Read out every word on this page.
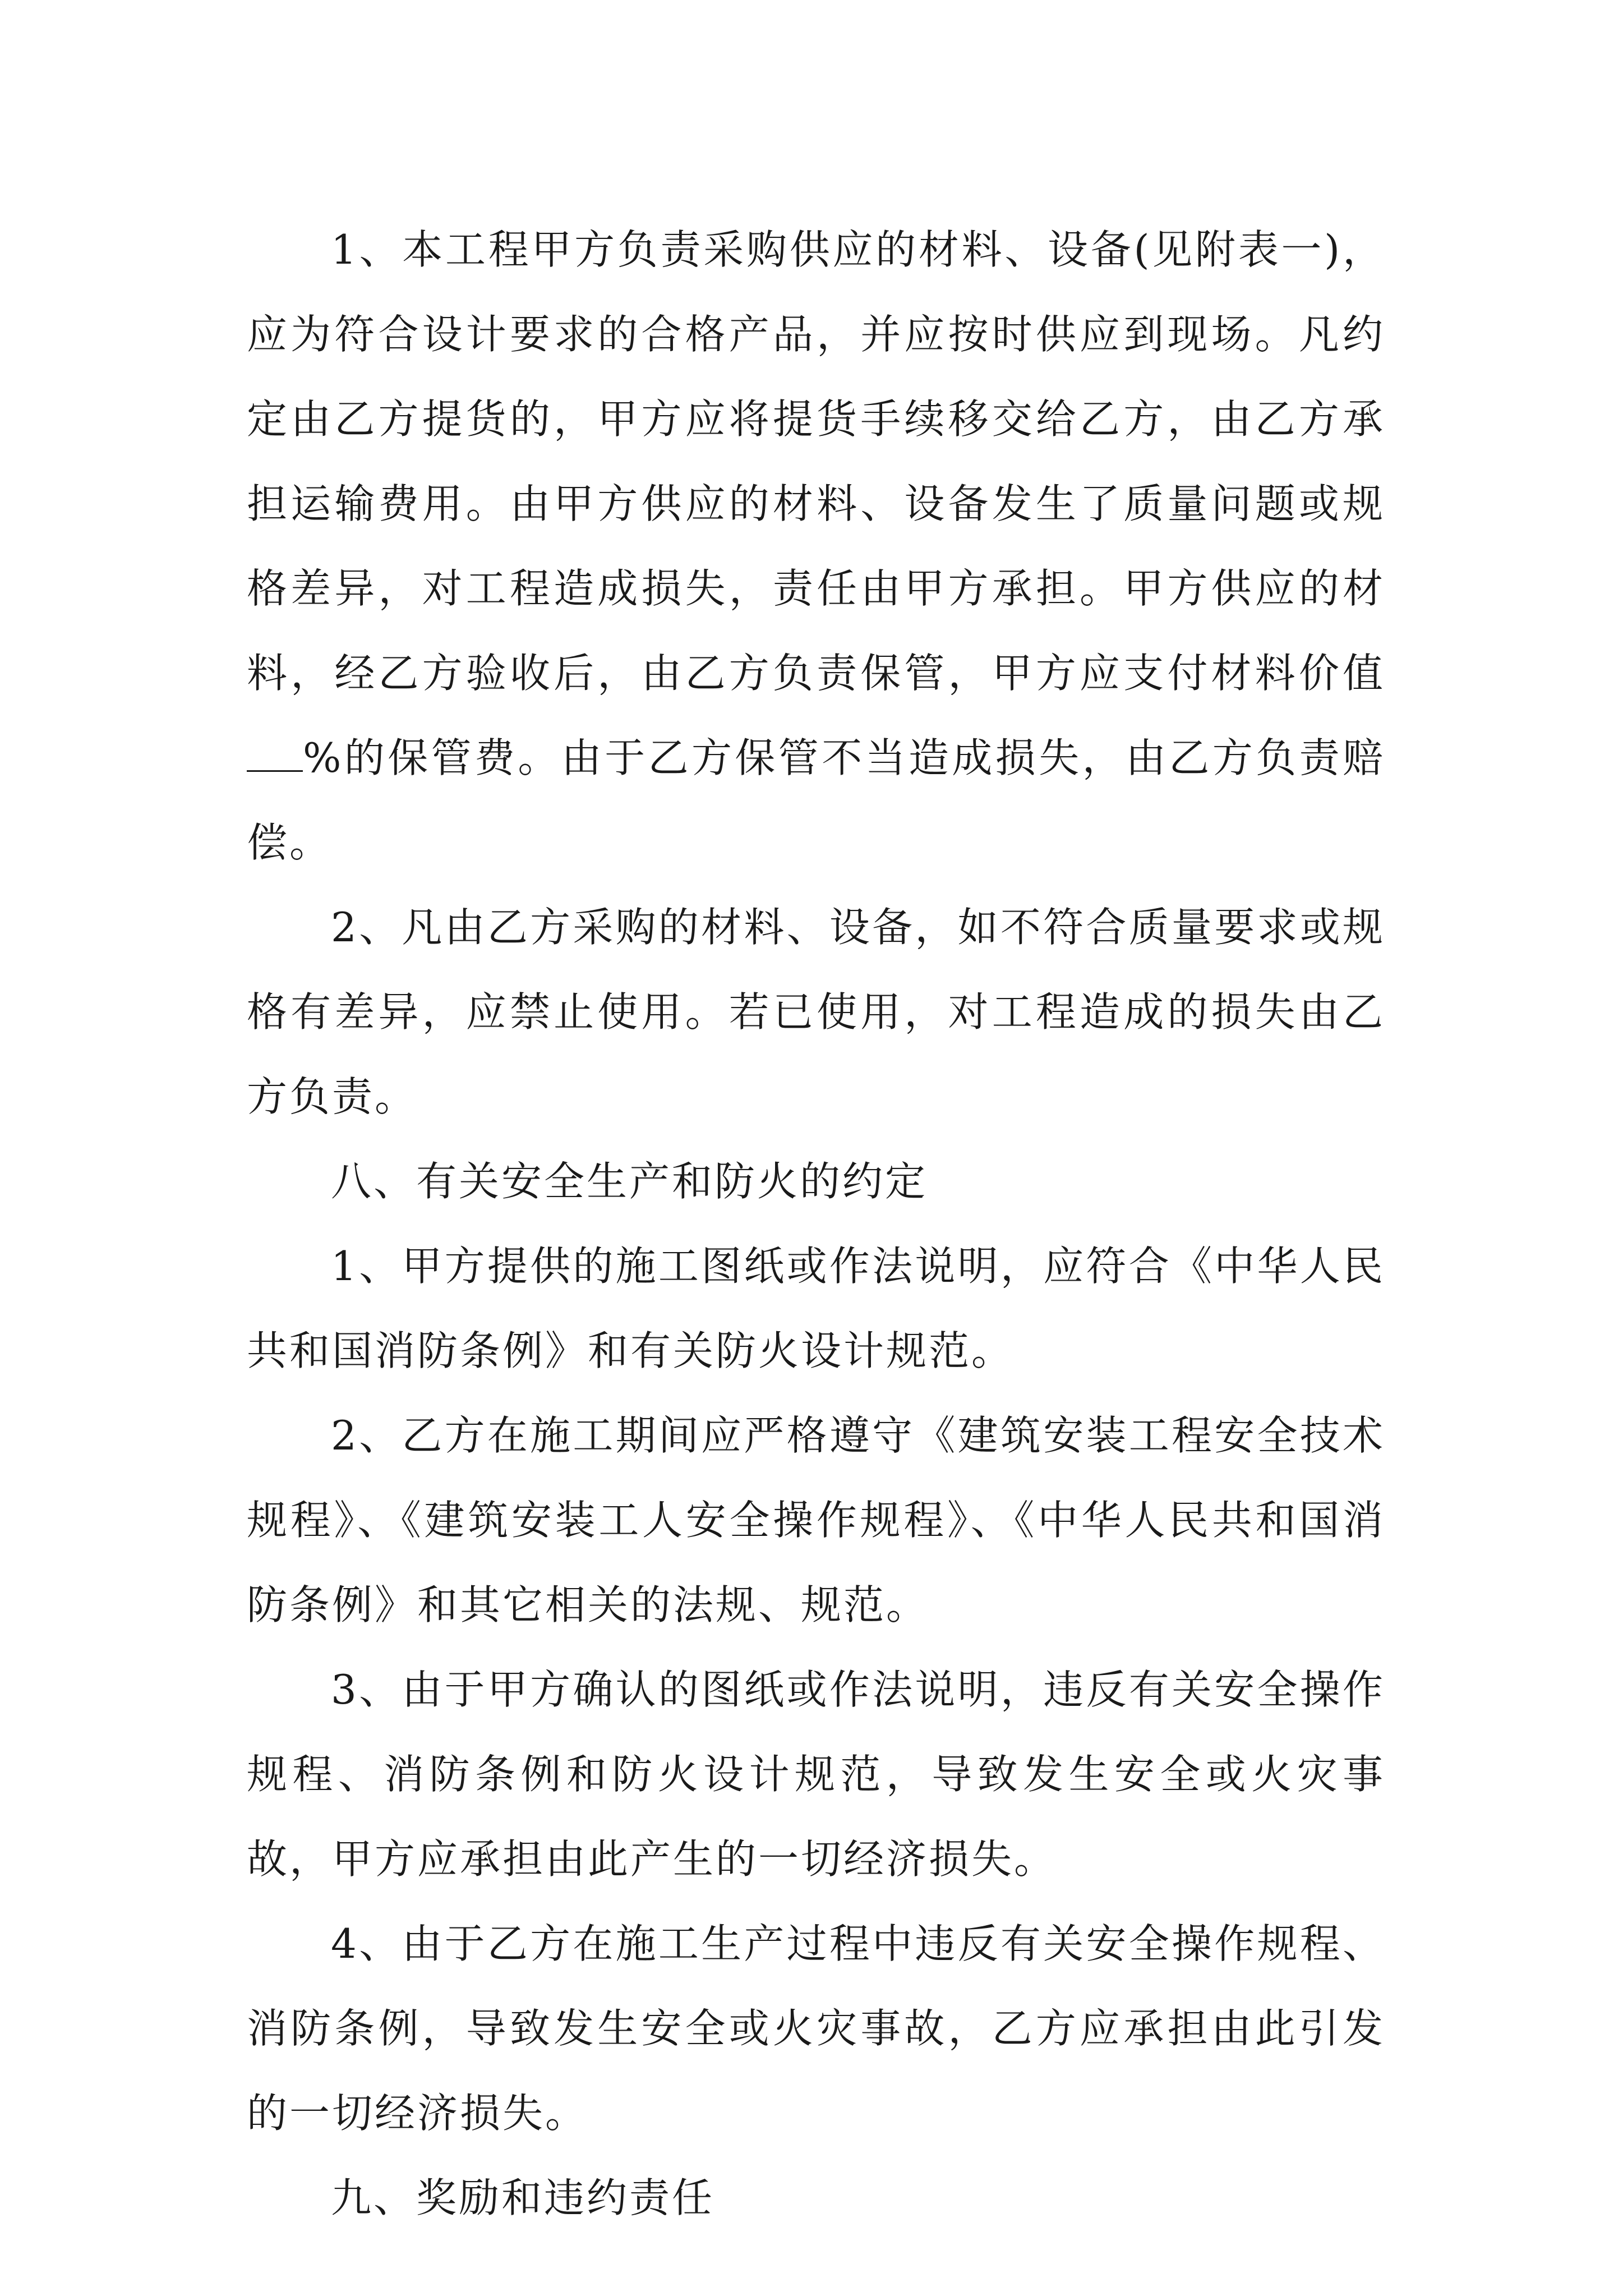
1、本工程甲方负责采购供应的材料、设备(见附表一)，应为符合设计要求的合格产品，并应按时供应到现场。凡约定由乙方提货的，甲方应将提货手续移交给乙方，由乙方承担运输费用。由甲方供应的材料、设备发生了质量问题或规格差异，对工程造成损失，责任由甲方承担。甲方供应的材料，经乙方验收后，由乙方负责保管，甲方应支付材料价值%的保管费。由于乙方保管不当造成损失，由乙方负责赔偿。

2、凡由乙方采购的材料、设备，如不符合质量要求或规格有差异，应禁止使用。若已使用，对工程造成的损失由乙方负责。

八、有关安全生产和防火的约定

1、甲方提供的施工图纸或作法说明，应符合《中华人民共和国消防条例》和有关防火设计规范。

2、乙方在施工期间应严格遵守《建筑安装工程安全技术规程》、《建筑安装工人安全操作规程》、《中华人民共和国消防条例》和其它相关的法规、规范。

3、由于甲方确认的图纸或作法说明，违反有关安全操作规程、消防条例和防火设计规范，导致发生安全或火灾事故，甲方应承担由此产生的一切经济损失。

4、由于乙方在施工生产过程中违反有关安全操作规程、消防条例，导致发生安全或火灾事故，乙方应承担由此引发的一切经济损失。

九、奖励和违约责任
